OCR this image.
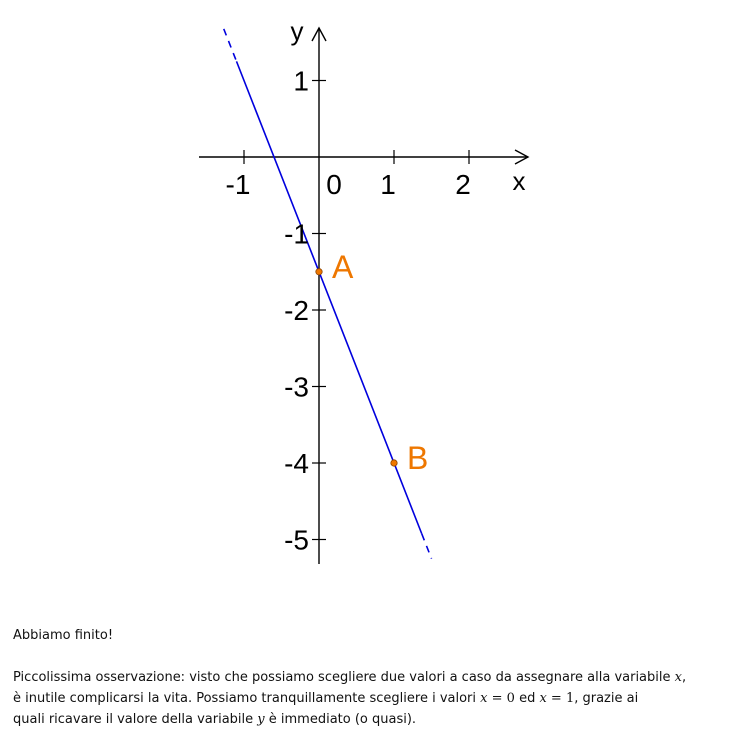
-1	0 1 2 x
1
-1
-2
-3
-4
-5
y
A
B

Abbiamo finito!

Piccolissima osservazione: visto che possiamo scegliere due valori a caso da assegnare alla variabile x,
è inutile complicarsi la vita. Possiamo tranquillamente scegliere i valori x = 0 ed x = 1, grazie ai
quali ricavare il valore della variabile y è immediato (o quasi).
